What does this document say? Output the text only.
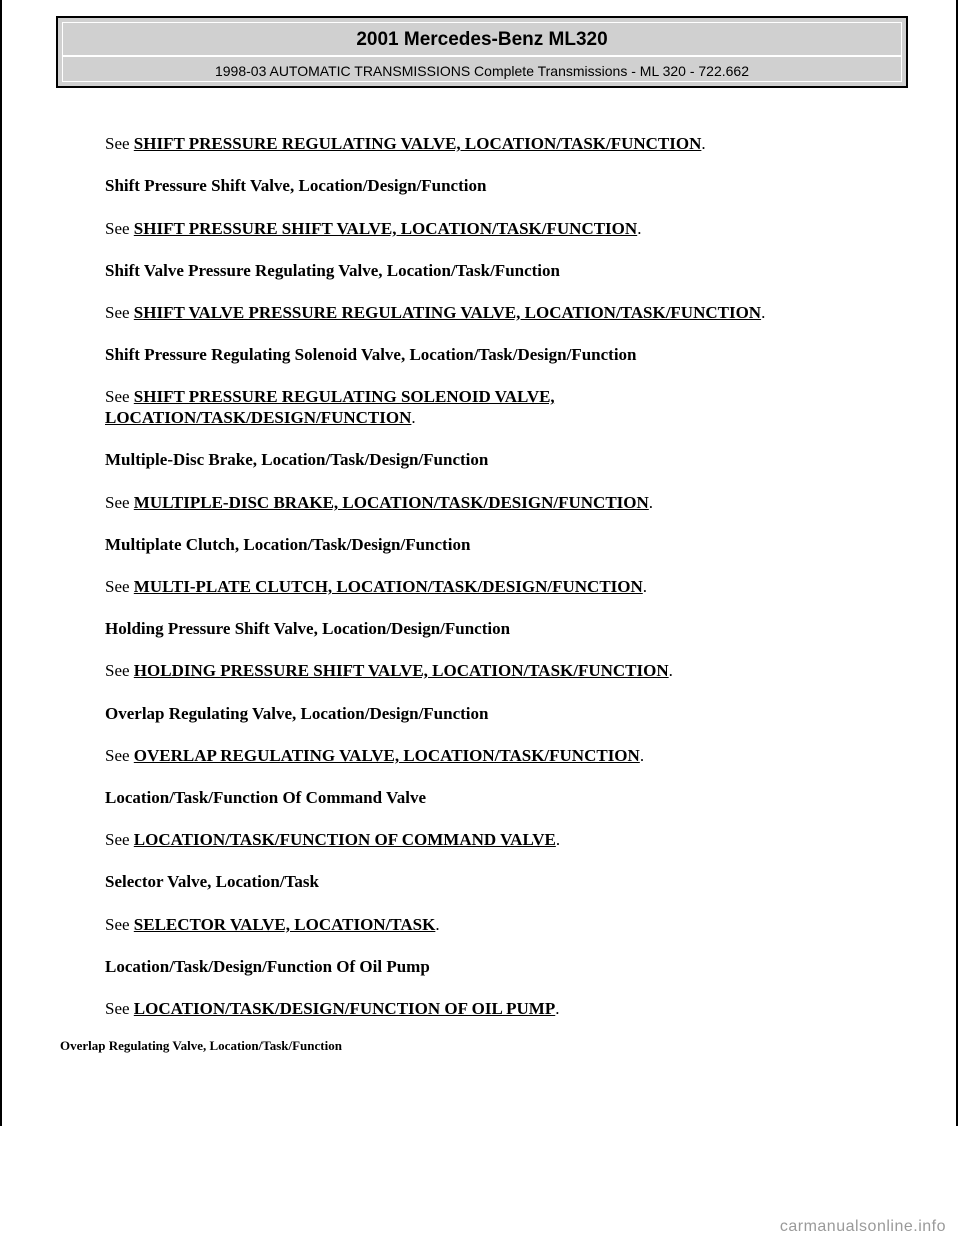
2001 Mercedes-Benz ML320
1998-03 AUTOMATIC TRANSMISSIONS Complete Transmissions - ML 320 - 722.662
See SHIFT PRESSURE REGULATING VALVE, LOCATION/TASK/FUNCTION.
Shift Pressure Shift Valve, Location/Design/Function
See SHIFT PRESSURE SHIFT VALVE, LOCATION/TASK/FUNCTION.
Shift Valve Pressure Regulating Valve, Location/Task/Function
See SHIFT VALVE PRESSURE REGULATING VALVE, LOCATION/TASK/FUNCTION.
Shift Pressure Regulating Solenoid Valve, Location/Task/Design/Function
See SHIFT PRESSURE REGULATING SOLENOID VALVE,
LOCATION/TASK/DESIGN/FUNCTION.
Multiple-Disc Brake, Location/Task/Design/Function
See MULTIPLE-DISC BRAKE, LOCATION/TASK/DESIGN/FUNCTION.
Multiplate Clutch, Location/Task/Design/Function
See MULTI-PLATE CLUTCH, LOCATION/TASK/DESIGN/FUNCTION.
Holding Pressure Shift Valve, Location/Design/Function
See HOLDING PRESSURE SHIFT VALVE, LOCATION/TASK/FUNCTION.
Overlap Regulating Valve, Location/Design/Function
See OVERLAP REGULATING VALVE, LOCATION/TASK/FUNCTION.
Location/Task/Function Of Command Valve
See LOCATION/TASK/FUNCTION OF COMMAND VALVE.
Selector Valve, Location/Task
See SELECTOR VALVE, LOCATION/TASK.
Location/Task/Design/Function Of Oil Pump
See LOCATION/TASK/DESIGN/FUNCTION OF OIL PUMP.
Overlap Regulating Valve, Location/Task/Function
carmanualsonline.info
